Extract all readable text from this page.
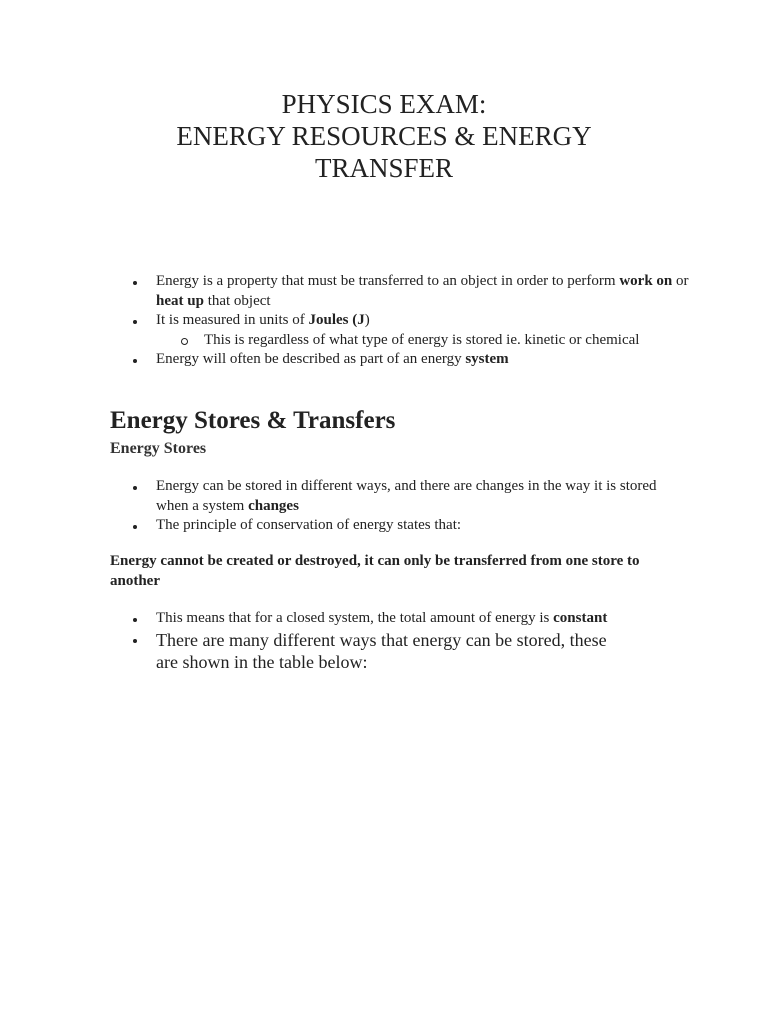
PHYSICS EXAM:
ENERGY RESOURCES & ENERGY
TRANSFER
Energy is a property that must be transferred to an object in order to perform work on or heat up that object
It is measured in units of Joules (J)
This is regardless of what type of energy is stored ie. kinetic or chemical
Energy will often be described as part of an energy system
Energy Stores & Transfers
Energy Stores
Energy can be stored in different ways, and there are changes in the way it is stored when a system changes
The principle of conservation of energy states that:
Energy cannot be created or destroyed, it can only be transferred from one store to another
This means that for a closed system, the total amount of energy is constant
There are many different ways that energy can be stored, these are shown in the table below:
